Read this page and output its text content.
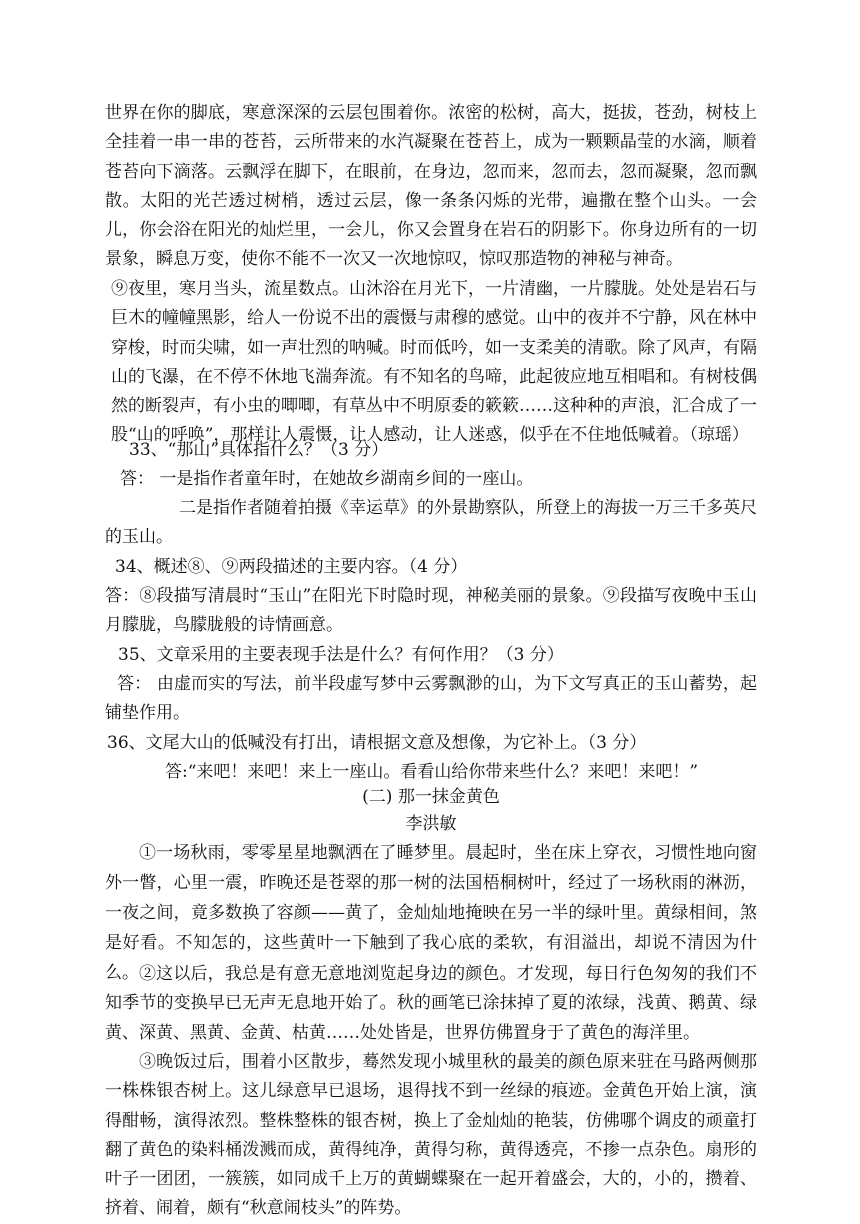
世界在你的脚底，寒意深深的云层包围着你。浓密的松树，高大，挺拔，苍劲，树枝上全挂着一串一串的苍苔，云所带来的水汽凝聚在苍苔上，成为一颗颗晶莹的水滴，顺着苍苔向下滴落。云飘浮在脚下，在眼前，在身边，忽而来，忽而去，忽而凝聚，忽而飘散。太阳的光芒透过树梢，透过云层，像一条条闪烁的光带，遍撒在整个山头。一会儿，你会浴在阳光的灿烂里，一会儿，你又会置身在岩石的阴影下。你身边所有的一切景象，瞬息万变，使你不能不一次又一次地惊叹，惊叹那造物的神秘与神奇。

⑨夜里，寒月当头，流星数点。山沐浴在月光下，一片清幽，一片朦胧。处处是岩石与巨木的幢幢黑影，给人一份说不出的震慑与肃穆的感觉。山中的夜并不宁静，风在林中穿梭，时而尖啸，如一声壮烈的呐喊。时而低吟，如一支柔美的清歌。除了风声，有隔山的飞瀑，在不停不休地飞湍奔流。有不知名的鸟啼，此起彼应地互相唱和。有树枝偶然的断裂声，有小虫的唧唧，有草丛中不明原委的簌簌……这种种的声浪，汇合成了一股“山的呼唤”，那样让人震慑，让人感动，让人迷惑，似乎在不住地低喊着。（琼瑶）

33、“那山”具体指什么？（3 分）

答： 一是指作者童年时，在她故乡湖南乡间的一座山。

二是指作者随着拍摄《幸运草》的外景勘察队，所登上的海拔一万三千多英尺的玉山。

34、概述⑧、⑨两段描述的主要内容。（4 分）

答：⑧段描写清晨时“玉山”在阳光下时隐时现，神秘美丽的景象。⑨段描写夜晚中玉山月朦胧，鸟朦胧般的诗情画意。

35、文章采用的主要表现手法是什么？有何作用？（3 分）

答： 由虚而实的写法，前半段虚写梦中云雾飘渺的山，为下文写真正的玉山蓄势，起铺垫作用。

36、文尾大山的低喊没有打出，请根据文意及想像，为它补上。（3 分）

答:“来吧！来吧！来上一座山。看看山给你带来些什么？来吧！来吧！”

(二) 那一抹金黄色

李洪敏

①一场秋雨，零零星星地飘洒在了睡梦里。晨起时，坐在床上穿衣，习惯性地向窗外一瞥，心里一震，昨晚还是苍翠的那一树的法国梧桐树叶，经过了一场秋雨的淋沥，一夜之间，竟多数换了容颜——黄了，金灿灿地掩映在另一半的绿叶里。黄绿相间，煞是好看。不知怎的，这些黄叶一下触到了我心底的柔软，有泪溢出，却说不清因为什么。 ②这以后，我总是有意无意地浏览起身边的颜色。才发现，每日行色匆匆的我们不知季节的变换早已无声无息地开始了。秋的画笔已涂抹掉了夏的浓绿，浅黄、鹅黄、绿黄、深黄、黑黄、金黄、枯黄……处处皆是，世界仿佛置身于了黄色的海洋里。

③晚饭过后，围着小区散步，蓦然发现小城里秋的最美的颜色原来驻在马路两侧那一株株银杏树上。这儿绿意早已退场，退得找不到一丝绿的痕迹。金黄色开始上演，演得酣畅，演得浓烈。整株整株的银杏树，换上了金灿灿的艳装，仿佛哪个调皮的顽童打翻了黄色的染料桶泼溅而成，黄得纯净，黄得匀称，黄得透亮，不掺一点杂色。扇形的叶子一团团，一簇簇，如同成千上万的黄蝴蝶聚在一起开着盛会，大的，小的，攒着、挤着、闹着，颇有“秋意闹枝头”的阵势。
